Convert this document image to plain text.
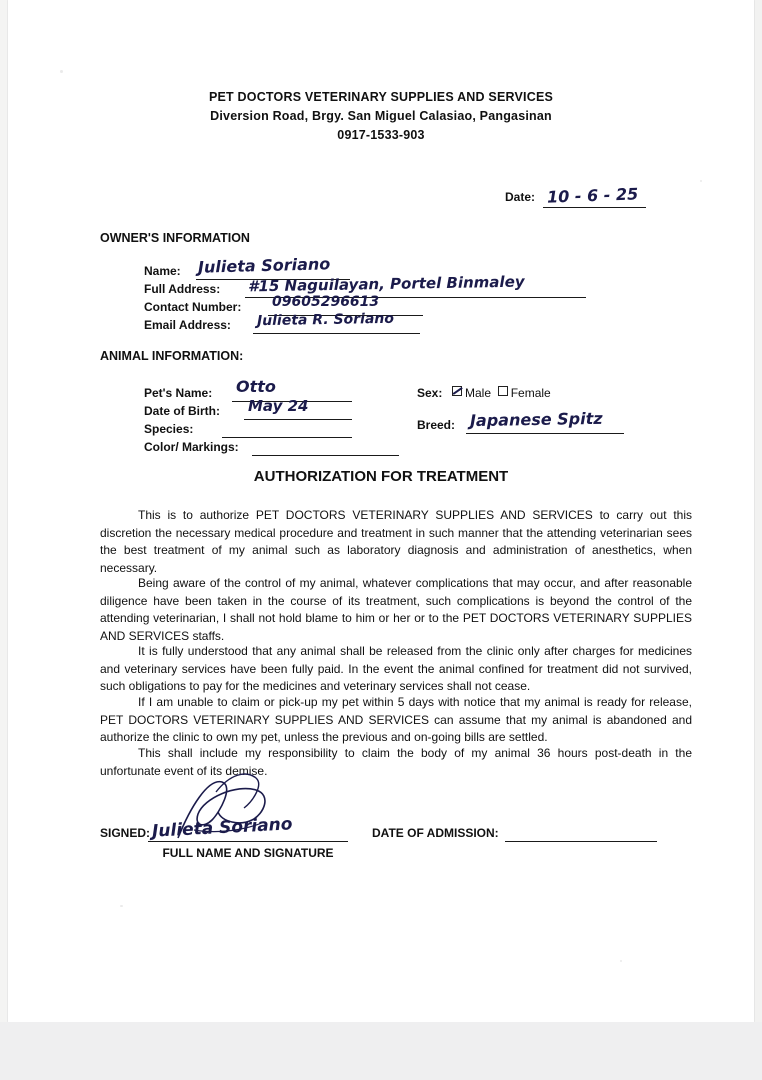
PET DOCTORS VETERINARY SUPPLIES AND SERVICES
Diversion Road, Brgy. San Miguel Calasiao, Pangasinan
0917-1533-903
Date: 10 - 6 - 25
OWNER'S INFORMATION
Name: Julieta Soriano
Full Address: #15 Naguilayan, Portel Binmaley
Contact Number: 09605296613
Email Address: Julieta R. Soriano
ANIMAL INFORMATION:
Pet's Name: Otto
Date of Birth: May 24
Species:
Color/ Markings:
Sex:	Male Female
Breed: Japanese Spitz
AUTHORIZATION FOR TREATMENT
This is to authorize PET DOCTORS VETERINARY SUPPLIES AND SERVICES to carry out this discretion the necessary medical procedure and treatment in such manner that the attending veterinarian sees the best treatment of my animal such as laboratory diagnosis and administration of anesthetics, when necessary.
Being aware of the control of my animal, whatever complications that may occur, and after reasonable diligence have been taken in the course of its treatment, such complications is beyond the control of the attending veterinarian, I shall not hold blame to him or her or to the PET DOCTORS VETERINARY SUPPLIES AND SERVICES staffs.
It is fully understood that any animal shall be released from the clinic only after charges for medicines and veterinary services have been fully paid. In the event the animal confined for treatment did not survived, such obligations to pay for the medicines and veterinary services shall not cease.
If I am unable to claim or pick-up my pet within 5 days with notice that my animal is ready for release, PET DOCTORS VETERINARY SUPPLIES AND SERVICES can assume that my animal is abandoned and authorize the clinic to own my pet, unless the previous and on-going bills are settled.
This shall include my responsibility to claim the body of my animal 36 hours post-death in the unfortunate event of its demise.
SIGNED: Julieta Soriano
FULL NAME AND SIGNATURE
DATE OF ADMISSION:
